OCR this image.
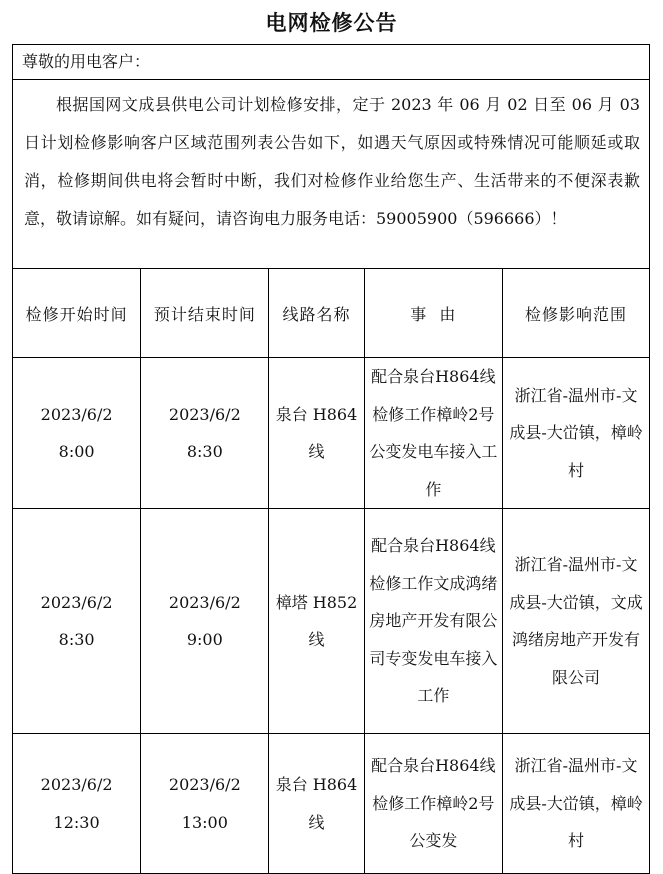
电网检修公告
尊敬的用电客户：

根据国网文成县供电公司计划检修安排，定于 2023 年 06 月 02 日至 06 月 03 日计划检修影响客户区域范围列表公告如下，如遇天气原因或特殊情况可能顺延或取消，检修期间供电将会暂时中断，我们对检修作业给您生产、生活带来的不便深表歉意，敬请谅解。如有疑问，请咨询电力服务电话：59005900（596666）！

检修开始时间	预计结束时间	线路名称	事  由	检修影响范围

2023/6/2
8:00	2023/6/2
8:30	泉台 H864 线	配合泉台H864线检修工作樟岭2号公变发电车接入工作	浙江省-温州市-文成县-大峃镇，樟岭村

2023/6/2
8:30	2023/6/2
9:00	樟塔 H852 线	配合泉台H864线检修工作文成鸿绪房地产开发有限公司专变发电车接入工作	浙江省-温州市-文成县-大峃镇，文成鸿绪房地产开发有限公司

2023/6/2
12:30	2023/6/2
13:00	泉台 H864 线	配合泉台H864线检修工作樟岭2号公变发	浙江省-温州市-文成县-大峃镇，樟岭村
